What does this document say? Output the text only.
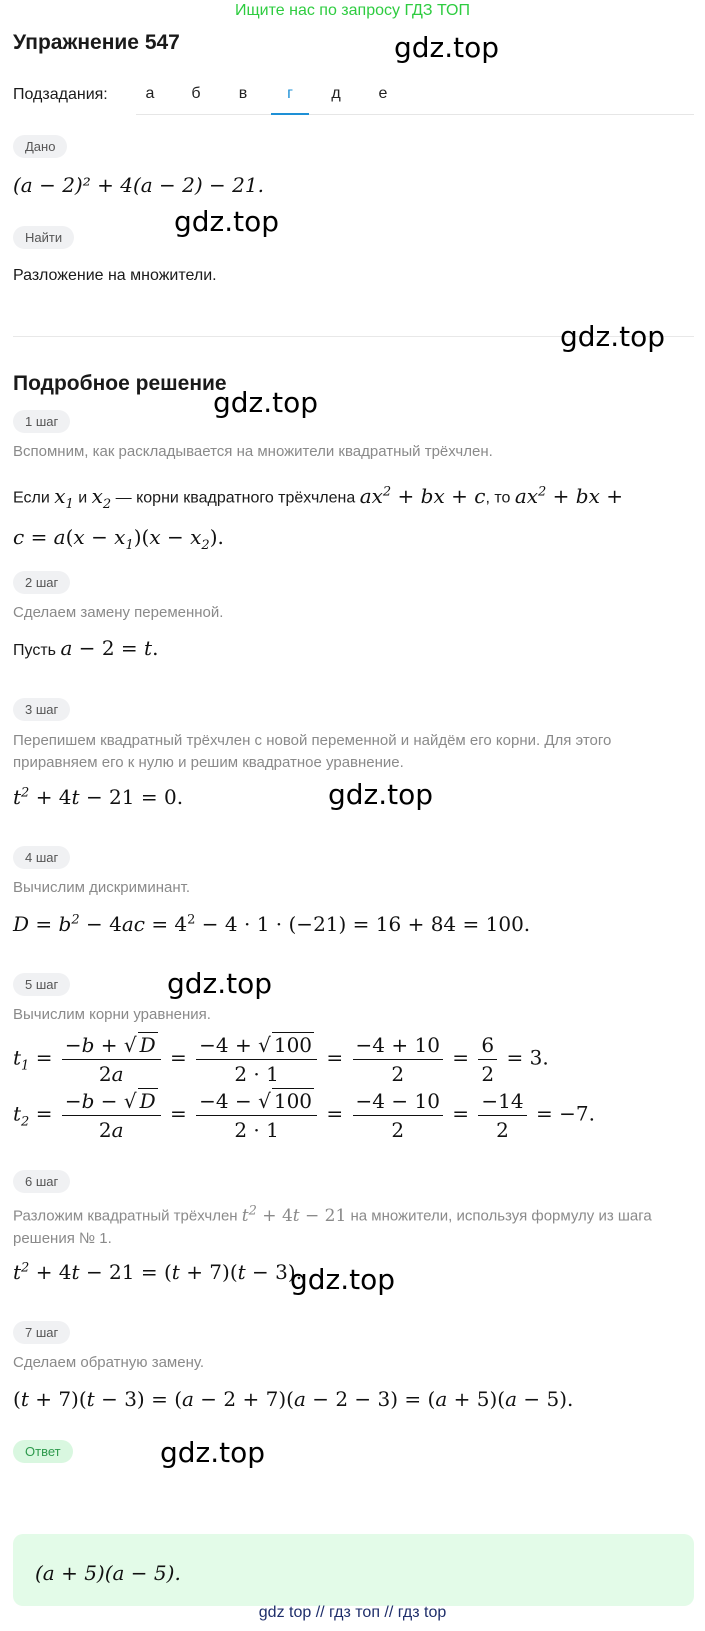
Ищите нас по запросу ГДЗ ТОП
Упражнение 547	gdz.top
Подзадания:	а	б	в	г	д	е
Дано
(a − 2)² + 4(a − 2) − 21.
gdz.top
Найти
Разложение на множители.
gdz.top
Подробное решение
gdz.top
1 шаг
Вспомним, как раскладывается на множители квадратный трёхчлен.
Если $x_1$ и $x_2$ — корни квадратного трёхчлена $ax^2$ + bx + c, то $ax^2$ + bx +
$c = a(x - x_1)(x - x_2)$.
2 шаг
Сделаем замену переменной.
Пусть a − 2 = t.
3 шаг
Перепишем квадратный трёхчлен с новой переменной и найдём его корни. Для этого приравняем его к нулю и решим квадратное уравнение.
$t^2 + 4t - 21 = 0$.	gdz.top
4 шаг
Вычислим дискриминант.
$D = b^2 - 4ac = 4^2 - 4 \cdot 1 \cdot (-21) = 16 + 84 = 100$.
5 шаг	gdz.top
Вычислим корни уравнения.
$t_1 = \frac{-b + √ D}{2a} = \frac{-4 + √ 100}{2 \cdot 1} = \frac{-4 + 10}{2} = \frac{6}{2} = 3$.
$t_2 = \frac{-b - √ D}{2a} = \frac{-4 - √ 100}{2 \cdot 1} = \frac{-4 - 10}{2} = \frac{-14}{2} = -7$.
6 шаг
Разложим квадратный трёхчлен $t^2 + 4t - 21$ на множители, используя формулу из шага решения № 1.
$t^2 + 4t - 21 = (t + 7)(t - 3)$.
gdz.top
7 шаг
Сделаем обратную замену.
(t + 7)(t − 3) = (a − 2 + 7)(a − 2 − 3) = (a + 5)(a − 5).
Ответ	gdz.top
(a + 5)(a − 5).
gdz top // гдз топ // гдз top
